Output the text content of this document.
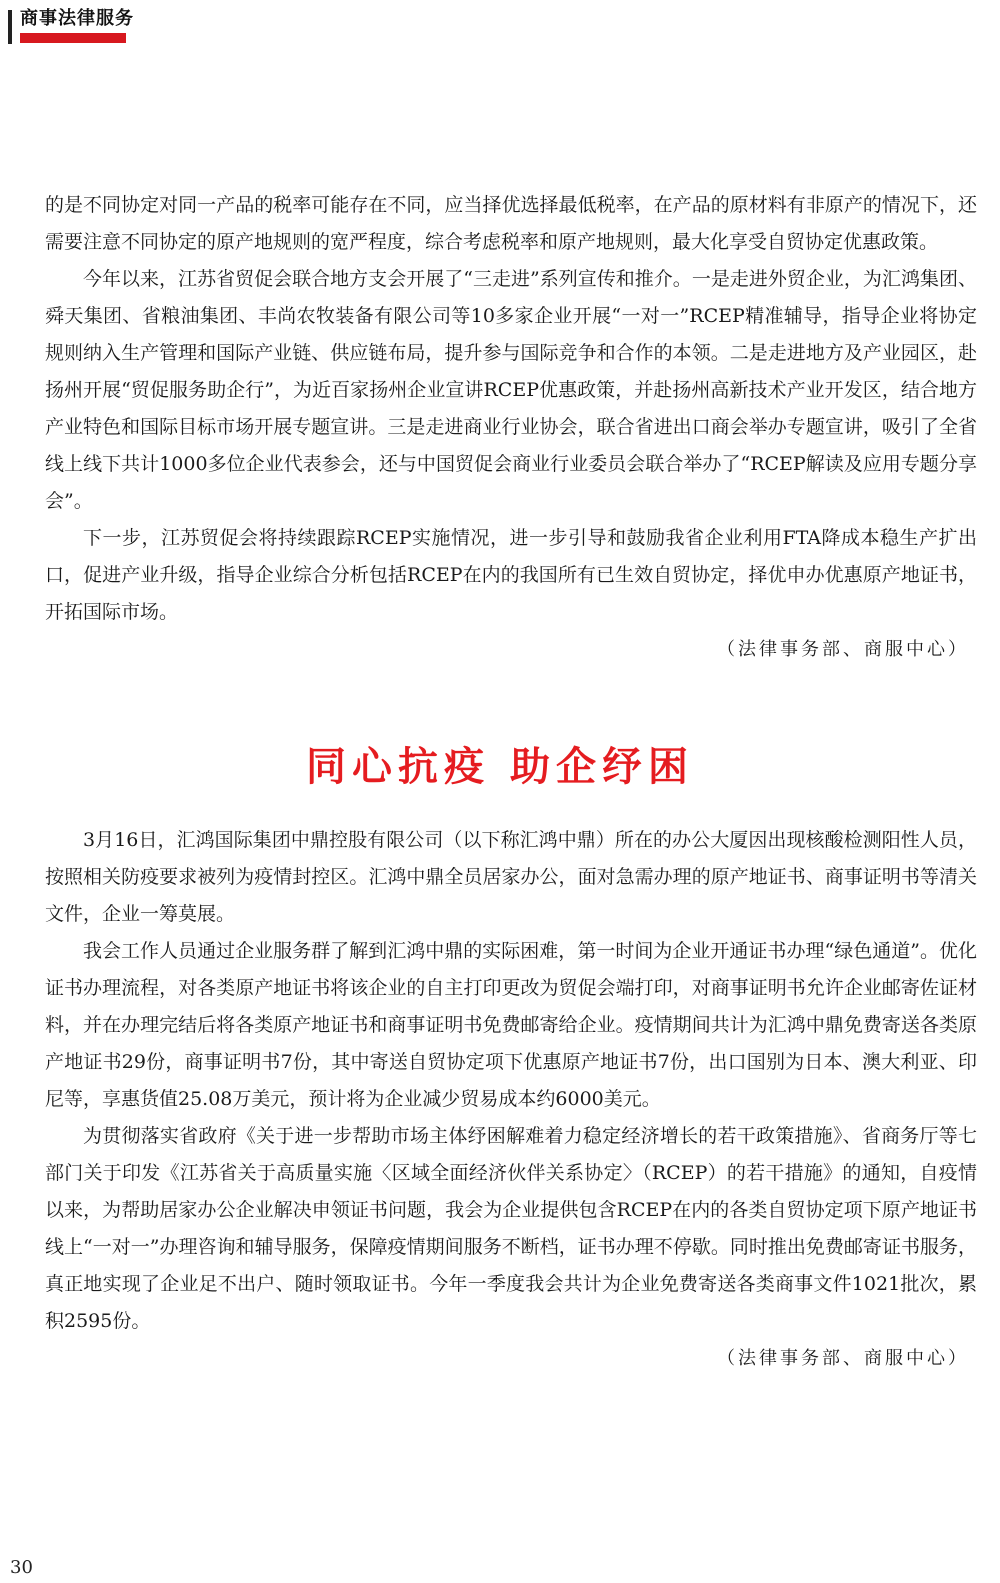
商事法律服务

的是不同协定对同一产品的税率可能存在不同，应当择优选择最低税率，在产品的原材料有非原产的情况下，还需要注意不同协定的原产地规则的宽严程度，综合考虑税率和原产地规则，最大化享受自贸协定优惠政策。

今年以来，江苏省贸促会联合地方支会开展了“三走进”系列宣传和推介。一是走进外贸企业，为汇鸿集团、舜天集团、省粮油集团、丰尚农牧装备有限公司等10多家企业开展“一对一”RCEP精准辅导，指导企业将协定规则纳入生产管理和国际产业链、供应链布局，提升参与国际竞争和合作的本领。二是走进地方及产业园区，赴扬州开展“贸促服务助企行”，为近百家扬州企业宣讲RCEP优惠政策，并赴扬州高新技术产业开发区，结合地方产业特色和国际目标市场开展专题宣讲。三是走进商业行业协会，联合省进出口商会举办专题宣讲，吸引了全省线上线下共计1000多位企业代表参会，还与中国贸促会商业行业委员会联合举办了“RCEP解读及应用专题分享会”。

下一步，江苏贸促会将持续跟踪RCEP实施情况，进一步引导和鼓励我省企业利用FTA降成本稳生产扩出口，促进产业升级，指导企业综合分析包括RCEP在内的我国所有已生效自贸协定，择优申办优惠原产地证书，开拓国际市场。

（法律事务部、商服中心）
同心抗疫 助企纾困

3月16日，汇鸿国际集团中鼎控股有限公司（以下称汇鸿中鼎）所在的办公大厦因出现核酸检测阳性人员，按照相关防疫要求被列为疫情封控区。汇鸿中鼎全员居家办公，面对急需办理的原产地证书、商事证明书等清关文件，企业一筹莫展。

我会工作人员通过企业服务群了解到汇鸿中鼎的实际困难，第一时间为企业开通证书办理“绿色通道”。优化证书办理流程，对各类原产地证书将该企业的自主打印更改为贸促会端打印，对商事证明书允许企业邮寄佐证材料，并在办理完结后将各类原产地证书和商事证明书免费邮寄给企业。疫情期间共计为汇鸿中鼎免费寄送各类原产地证书29份，商事证明书7份，其中寄送自贸协定项下优惠原产地证书7份，出口国别为日本、澳大利亚、印尼等，享惠货值25.08万美元，预计将为企业减少贸易成本约6000美元。

为贯彻落实省政府《关于进一步帮助市场主体纾困解难着力稳定经济增长的若干政策措施》、省商务厅等七部门关于印发《江苏省关于高质量实施〈区域全面经济伙伴关系协定〉（RCEP）的若干措施》的通知，自疫情以来，为帮助居家办公企业解决申领证书问题，我会为企业提供包含RCEP在内的各类自贸协定项下原产地证书线上“一对一”办理咨询和辅导服务，保障疫情期间服务不断档，证书办理不停歇。同时推出免费邮寄证书服务，真正地实现了企业足不出户、随时领取证书。今年一季度我会共计为企业免费寄送各类商事文件1021批次，累积2595份。

（法律事务部、商服中心）
30
